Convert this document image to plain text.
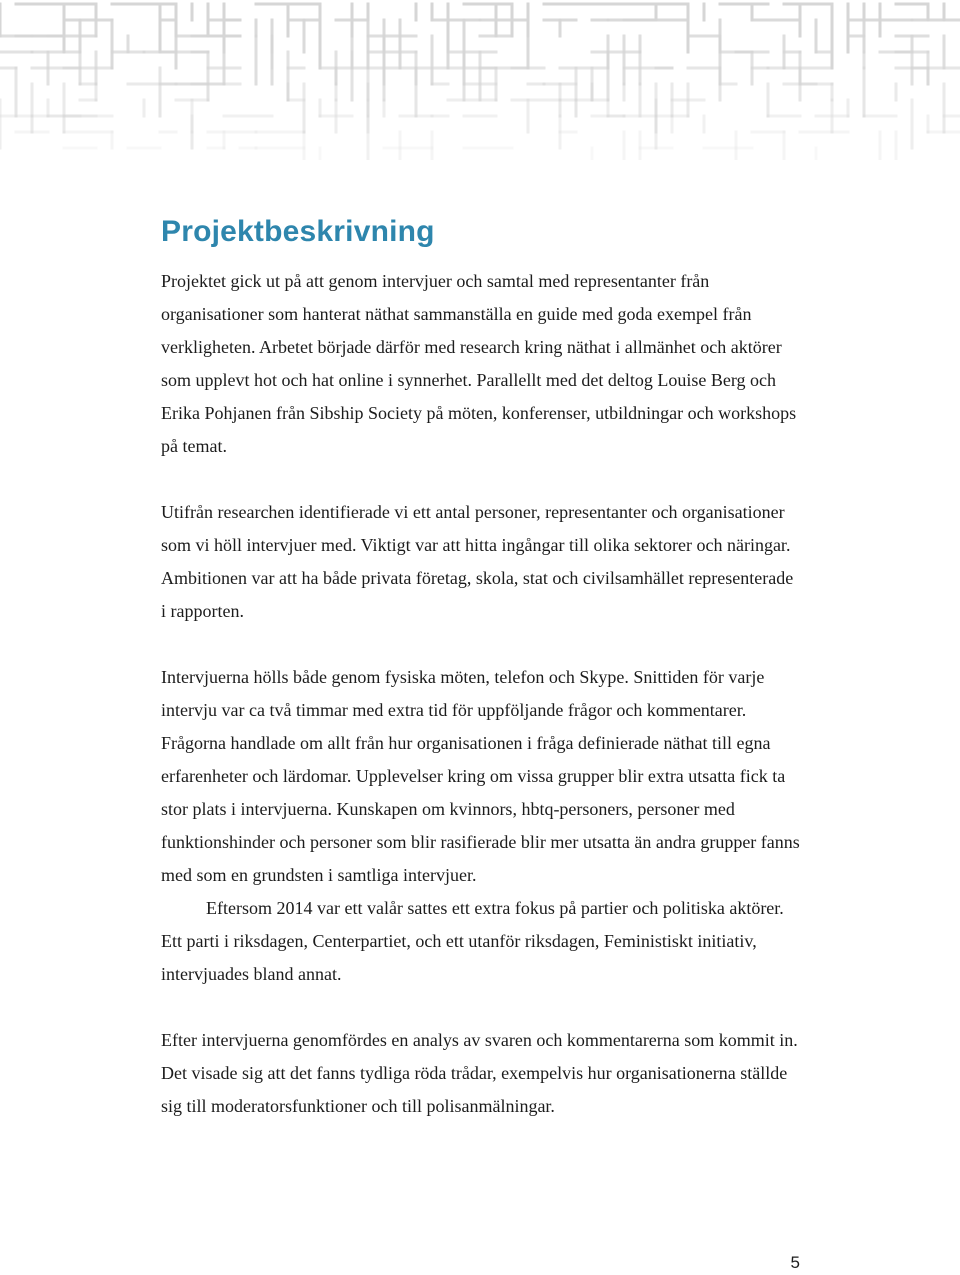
Projektbeskrivning

Projektet gick ut på att genom intervjuer och samtal med representanter från organisationer som hanterat näthat sammanställa en guide med goda exempel från verkligheten. Arbetet började därför med research kring näthat i allmänhet och aktörer som upplevt hot och hat online i synnerhet. Parallellt med det deltog Louise Berg och Erika Pohjanen från Sibship Society på möten, konferenser, utbildningar och workshops på temat.

Utifrån researchen identifierade vi ett antal personer, representanter och organisationer som vi höll intervjuer med. Viktigt var att hitta ingångar till olika sektorer och näringar. Ambitionen var att ha både privata företag, skola, stat och civilsamhället representerade i rapporten.

Intervjuerna hölls både genom fysiska möten, telefon och Skype. Snittiden för varje intervju var ca två timmar med extra tid för uppföljande frågor och kommentarer. Frågorna handlade om allt från hur organisationen i fråga definierade näthat till egna erfarenheter och lärdomar. Upplevelser kring om vissa grupper blir extra utsatta fick ta stor plats i intervjuerna. Kunskapen om kvinnors, hbtq-personers, personer med funktionshinder och personer som blir rasifierade blir mer utsatta än andra grupper fanns med som en grundsten i samtliga intervjuer.

Eftersom 2014 var ett valår sattes ett extra fokus på partier och politiska aktörer. Ett parti i riksdagen, Centerpartiet, och ett utanför riksdagen, Feministiskt initiativ, intervjuades bland annat.

Efter intervjuerna genomfördes en analys av svaren och kommentarerna som kommit in. Det visade sig att det fanns tydliga röda trådar, exempelvis hur organisationerna ställde sig till moderatorsfunktioner och till polisanmälningar.

5
